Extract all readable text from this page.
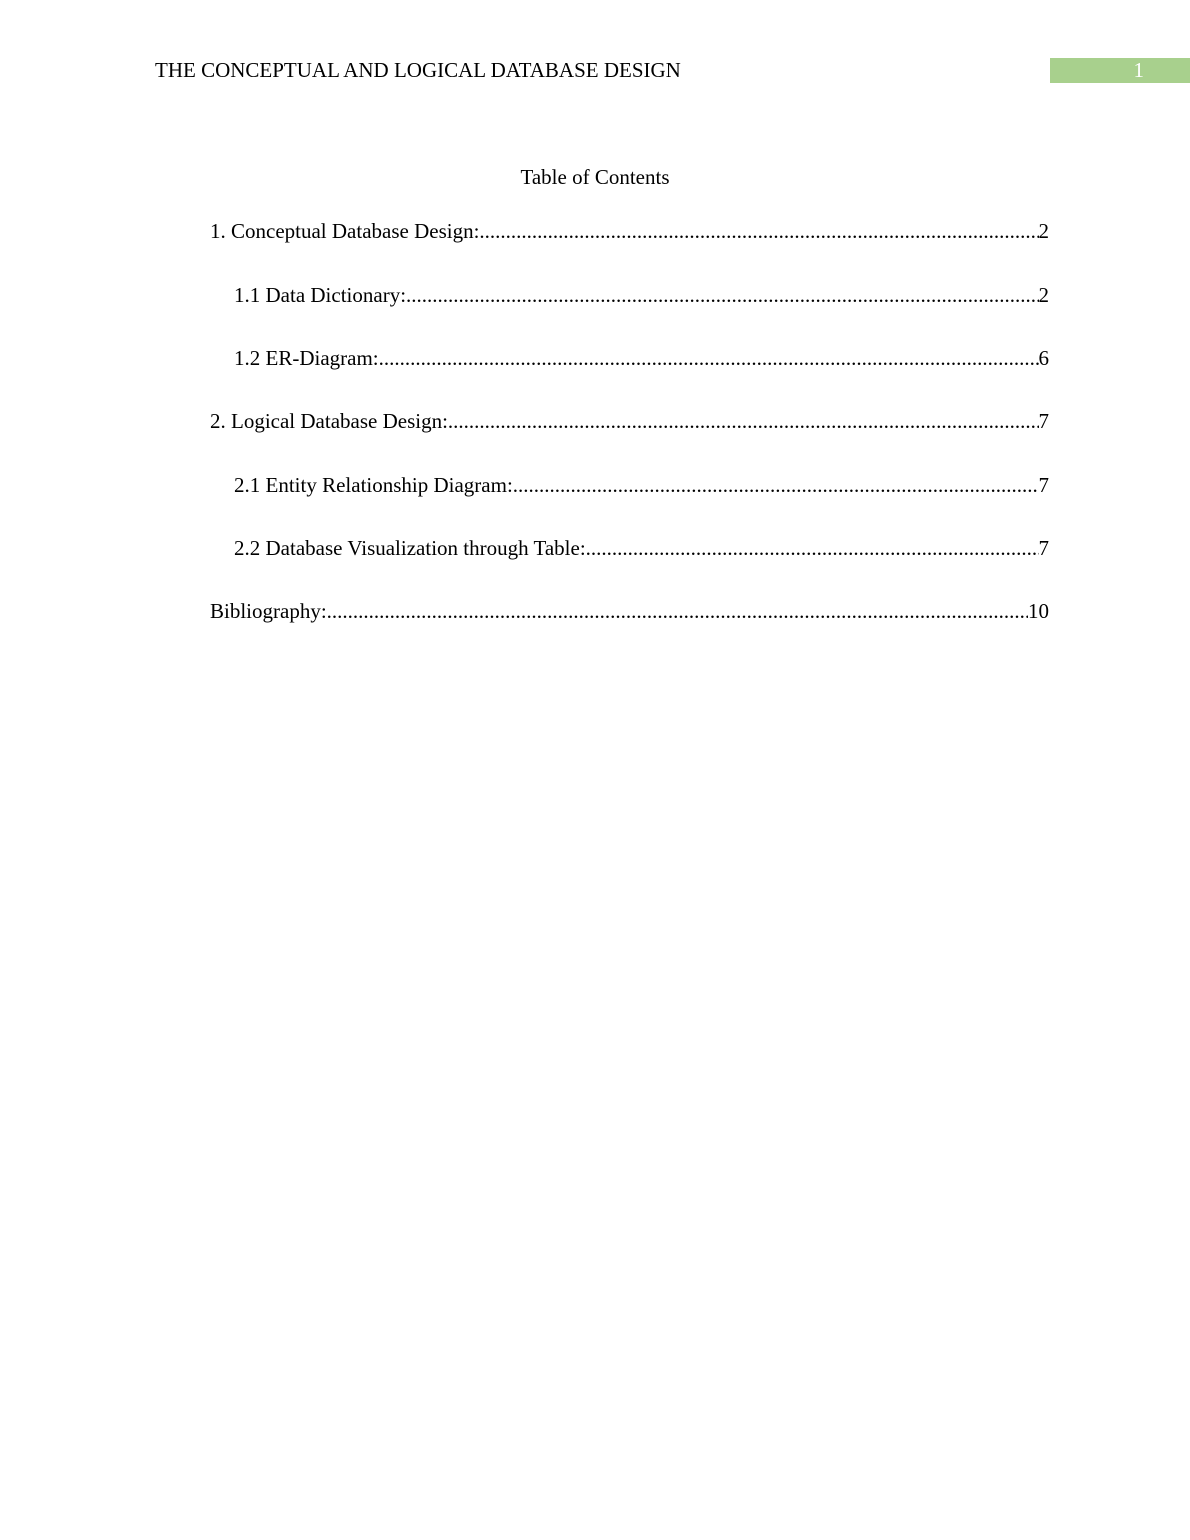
THE CONCEPTUAL AND LOGICAL DATABASE DESIGN	1
Table of Contents
1. Conceptual Database Design: .....	2
1.1 Data Dictionary: .....	2
1.2 ER-Diagram: .....	6
2. Logical Database Design: .....	7
2.1 Entity Relationship Diagram: .....	7
2.2 Database Visualization through Table: .....	7
Bibliography: .....	10
